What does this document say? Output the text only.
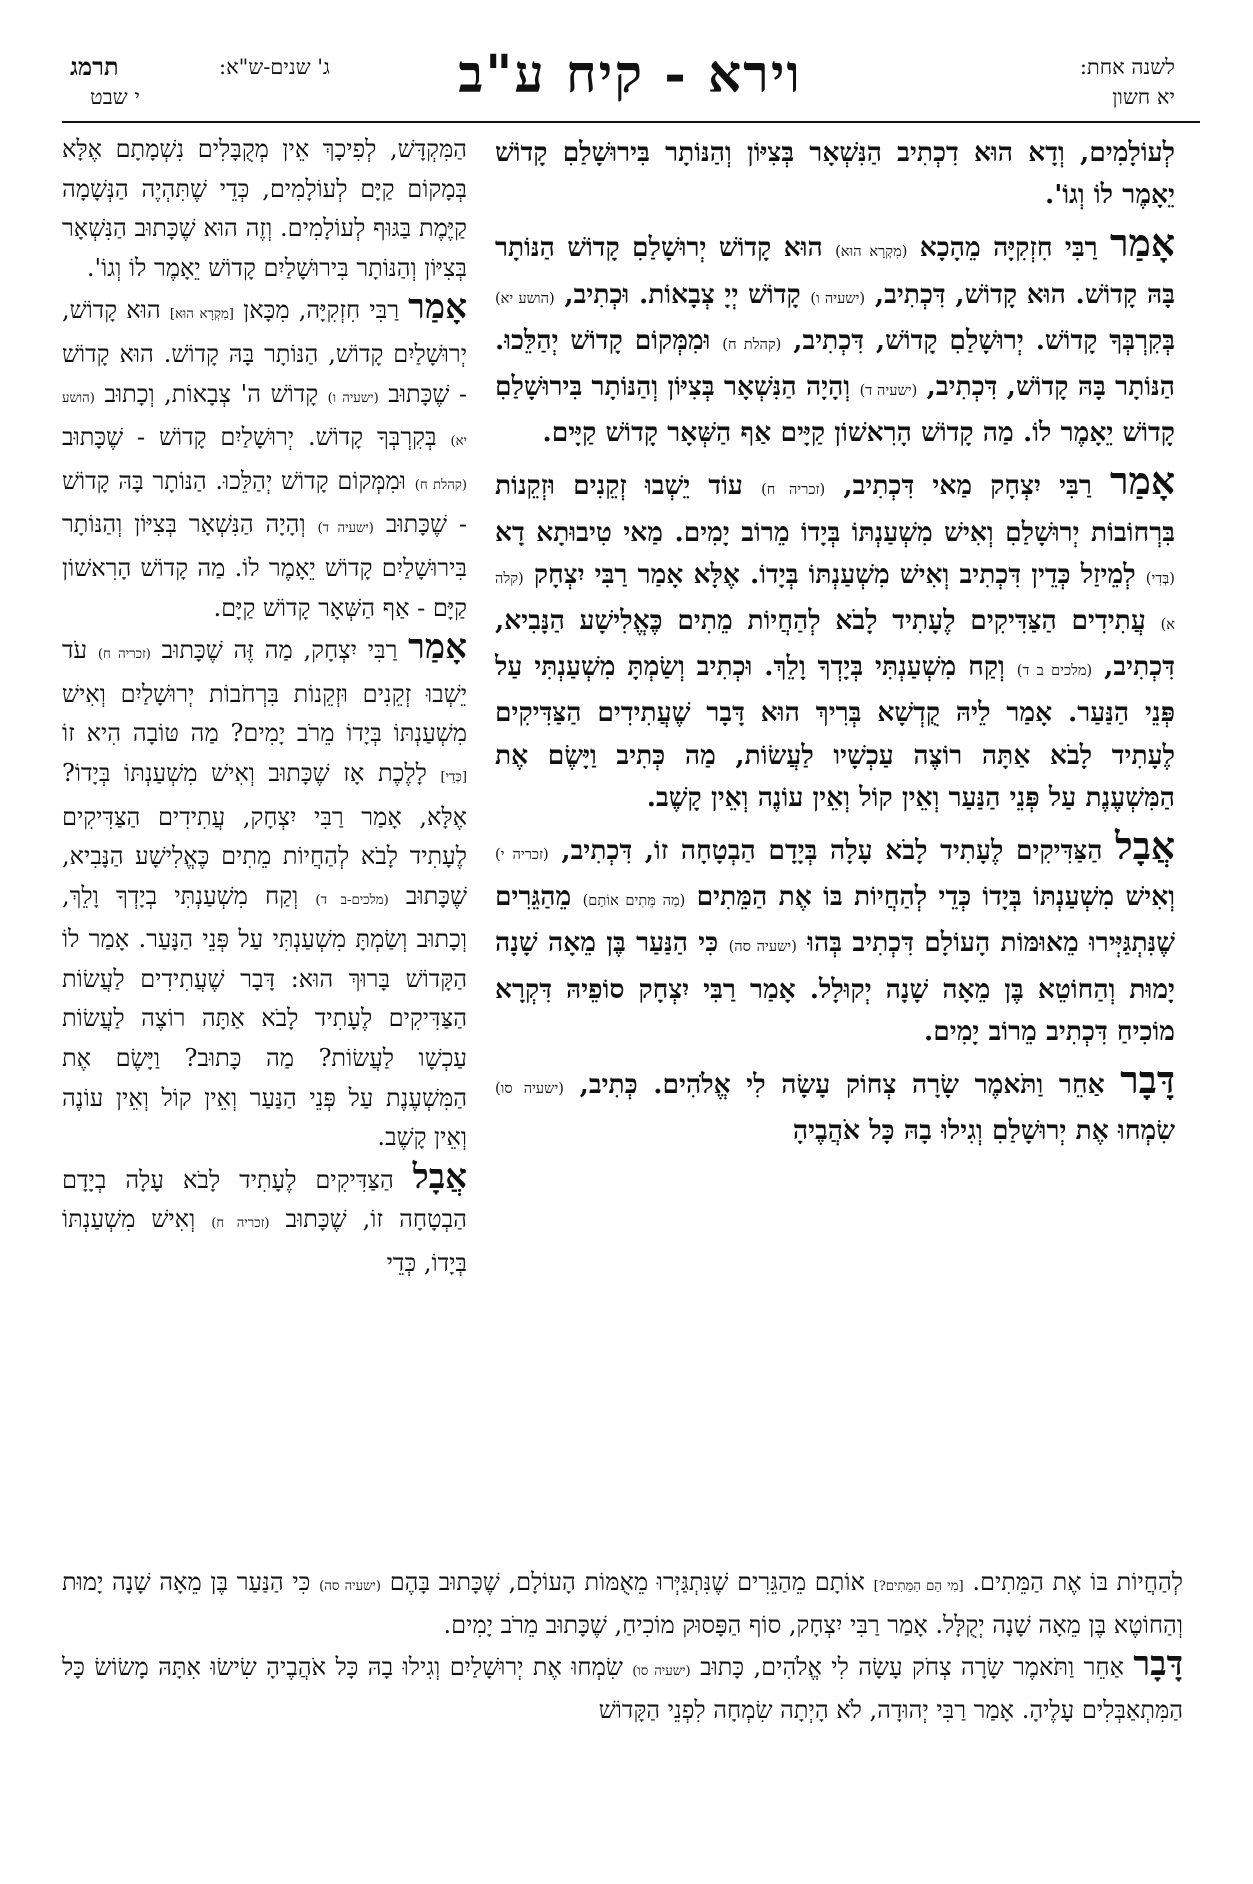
לשנה אחת:
יא חשון
וירא - קיח ע"ב
ג' שנים-ש"א:
תרמג
י שבט

לְעוֹלָמִים, וְדָא הוּא דִכְתִיב הַנִּשְׁאָר בְּצִיּוֹן וְהַנּוֹתָר בִּירוּשָׁלַםִ קָדוֹשׁ יֵאָמֶר לוֹ וְגוֹ'.

אָמַר רַבִּי חִזְקִיָּה מֵהָכָא (מִקְרָא הוּא) הוּא קָדוֹשׁ יְרוּשָׁלַםִ קָדוֹשׁ הַנּוֹתָר בָּהּ קָדוֹשׁ. הוּא קָדוֹשׁ, דִּכְתִיב, (ישעיה ו) קָדוֹשׁ יְיָ צְבָאוֹת. וּכְתִיב, (הושע יא) בְּקִרְבְּךָ קָדוֹשׁ. יְרוּשָׁלַםִ קָדוֹשׁ, דִּכְתִיב, (קהלת ח) וּמִמְּקוֹם קָדוֹשׁ יְהַלֵּכוּ. הַנּוֹתָר בָּהּ קָדוֹשׁ, דִּכְתִיב, (ישעיה ד) וְהָיָה הַנִּשְׁאָר בְּצִיּוֹן וְהַנּוֹתָר בִּירוּשָׁלַםִ קָדוֹשׁ יֵאָמֶר לוֹ. מַה קָדוֹשׁ הָרִאשׁוֹן קַיָּים אַף הַשְּׁאָר קָדוֹשׁ קַיָּים.

אָמַר רַבִּי יִצְחָק מַאי דִּכְתִיב, (זכריה ח) עוֹד יֵשְׁבוּ זְקֵנִים וּזְקֵנוֹת בִּרְחוֹבוֹת יְרוּשָׁלַםִ וְאִישׁ מִשְׁעַנְתּוֹ בְּיָדוֹ מֵרוֹב יָמִים. מַאי טִיבוּתָא דָא (בְּדִי) לְמֵיזַל כְּדֵין דִּכְתִיב וְאִישׁ מִשְׁעַנְתּוֹ בְּיָדוֹ. אֶלָּא אָמַר רַבִּי יִצְחָק (קלה א) עֲתִידִים הַצַּדִּיקִים לֶעָתִיד לָבֹא לְהַחֲיוֹת מֵתִים כֶּאֱלִישָׁע הַנָּבִיא, דִּכְתִיב, (מלכים ב ד) וְקַח מִשְׁעַנְתִּי בְּיָדְךָ וָלֵךְ. וּכְתִיב וְשַׂמְתָּ מִשְׁעַנְתִּי עַל פְּנֵי הַנַּעַר. אָמַר לֵיהּ קֻדְשָׁא בְּרִיךְ הוּא דָּבָר שֶׁעֲתִידִים הַצַּדִּיקִים לֶעָתִיד לָבֹא אַתָּה רוֹצֶה עַכְשָׁיו לַעֲשׂוֹת, מַה כְּתִיב וַיָּשֶׂם אֶת הַמִּשְׁעֶנֶת עַל פְּנֵי הַנַּעַר וְאֵין קוֹל וְאֵין עוֹנֶה וְאֵין קָשֶׁב.

אֲבָל הַצַּדִּיקִים לֶעָתִיד לָבֹא עָלָה בְּיָדָם הַבְטָחָה זוֹ, דִּכְתִיב, (זכריה י) וְאִישׁ מִשְׁעַנְתּוֹ בְּיָדוֹ כְּדֵי לְהַחֲיוֹת בּוֹ אֶת הַמֵּתִים (מַה מֵּתִים אוֹתָם) מֵהַגֵּרִים שֶׁנִּתְגַּיְּירוּ מֵאוּמּוֹת הָעוֹלָם דִּכְתִיב בְּהוּ (ישעיה סה) כִּי הַנַּעַר בֶּן מֵאָה שָׁנָה יָמוּת וְהַחוֹטֵא בֶּן מֵאָה שָׁנָה יְקוּלָל. אָמַר רַבִּי יִצְחָק סוֹפֵיהּ דִּקְרָא מוֹכִיחַ דִּכְתִיב מֵרוֹב יָמִים.

דָּבָר אַחֵר וַתֹּאמֶר שָׂרָה צְחוֹק עָשָׂה לִי אֱלֹהִים. כְּתִיב, (ישעיה סו) שִׂמְחוּ אֶת יְרוּשָׁלַםִ וְגִילוּ בָהּ כָּל אֹהֲבֶיהָ

הַמִּקְדָּשׁ, לְפִיכָךְ אֵין מְקֻבָּלִים נִשְׁמָתָם אֶלָּא בְּמָקוֹם קַיָּם לְעוֹלָמִים, כְּדֵי שֶׁתִּהְיֶה הַנְּשָׁמָה קַיֶּמֶת בַּגּוּף לְעוֹלָמִים. וְזֶה הוּא שֶׁכָּתוּב הַנִּשְׁאָר בְּצִיּוֹן וְהַנּוֹתָר בִּירוּשָׁלַיִם קָדוֹשׁ יֵאָמֶר לוֹ וְגוֹ'.

אָמַר רַבִּי חִזְקִיָּה, מִכָּאן [מִקְרָא הוּא] הוּא קָדוֹשׁ, יְרוּשָׁלַיִם קָדוֹשׁ, הַנּוֹתָר בָּהּ קָדוֹשׁ. הוּא קָדוֹשׁ - שֶׁכָּתוּב (ישעיה ו) קָדוֹשׁ ה' צְבָאוֹת, וְכָתוּב (הושע יא) בְּקִרְבְּךָ קָדוֹשׁ. יְרוּשָׁלַיִם קָדוֹשׁ - שֶׁכָּתוּב (קהלת ח) וּמִמְּקוֹם קָדוֹשׁ יְהַלֵּכוּ. הַנּוֹתָר בָּהּ קָדוֹשׁ - שֶׁכָּתוּב (ישעיה ד) וְהָיָה הַנִּשְׁאָר בְּצִיּוֹן וְהַנּוֹתָר בִּירוּשָׁלַיִם קָדוֹשׁ יֵאָמֶר לוֹ. מַה קָדוֹשׁ הָרִאשׁוֹן קַיָּם - אַף הַשְּׁאָר קָדוֹשׁ קַיָּם.

אָמַר רַבִּי יִצְחָק, מַה זֶּה שֶׁכָּתוּב (זכריה ח) עֹד יֵשְׁבוּ זְקֵנִים וּזְקֵנוֹת בִּרְחֹבוֹת יְרוּשָׁלַיִם וְאִישׁ מִשְׁעַנְתּוֹ בְּיָדוֹ מֵרֹב יָמִים? מַה טּוֹבָה הִיא זוֹ [כְּדֵי] לָלֶכֶת אָז שֶׁכָּתוּב וְאִישׁ מִשְׁעַנְתּוֹ בְּיָדוֹ? אֶלָּא, אָמַר רַבִּי יִצְחָק, עֲתִידִים הַצַּדִּיקִים לֶעָתִיד לָבֹא לְהַחֲיוֹת מֵתִים כֶּאֱלִישָׁע הַנָּבִיא, שֶׁכָּתוּב (מלכים-ב ד) וְקַח מִשְׁעַנְתִּי בְיָדְךָ וָלֵךְ, וְכָתוּב וְשַׂמְתָּ מִשְׁעַנְתִּי עַל פְּנֵי הַנָּעַר. אָמַר לוֹ הַקָּדוֹשׁ בָּרוּךְ הוּא: דָּבָר שֶׁעֲתִידִים לַעֲשׂוֹת הַצַּדִּיקִים לֶעָתִיד לָבֹא אַתָּה רוֹצֶה לַעֲשׂוֹת עַכְשָׁו לַעֲשׂוֹת? מַה כָּתוּב? וַיָּשֶׂם אֶת הַמִּשְׁעֶנֶת עַל פְּנֵי הַנַּעַר וְאֵין קוֹל וְאֵין עוֹנֶה וְאֵין קָשֶׁב.

אֲבָל הַצַּדִּיקִים לֶעָתִיד לָבֹא עָלָה בְיָדָם הַבְטָחָה זוֹ, שֶׁכָּתוּב (זכריה ח) וְאִישׁ מִשְׁעַנְתּוֹ בְּיָדוֹ, כְּדֵי

לְהַחֲיוֹת בּוֹ אֶת הַמֵּתִים. [מִי הֵם הַמֵּתִים?] אוֹתָם מֵהַגֵּרִים שֶׁנִּתְגַּיְּרוּ מֵאֻמּוֹת הָעוֹלָם, שֶׁכָּתוּב בָּהֶם (ישעיה סה) כִּי הַנַּעַר בֶּן מֵאָה שָׁנָה יָמוּת וְהַחוֹטֶא בֶּן מֵאָה שָׁנָה יְקֻלָּל. אָמַר רַבִּי יִצְחָק, סוֹף הַפָּסוּק מוֹכִיחַ, שֶׁכָּתוּב מֵרֹב יָמִים.

דָּבָר אַחֵר וַתֹּאמֶר שָׂרָה צְחֹק עָשָׂה לִי אֱלֹהִים, כָּתוּב (ישעיה סו) שִׂמְחוּ אֶת יְרוּשָׁלַיִם וְגִילוּ בָהּ כָּל אֹהֲבֶיהָ שִׂישׂוּ אִתָּהּ מָשׂוֹשׂ כָּל הַמִּתְאַבְּלִים עָלֶיהָ. אָמַר רַבִּי יְהוּדָה, לֹא הָיְתָה שִׂמְחָה לִפְנֵי הַקָּדוֹשׁ
